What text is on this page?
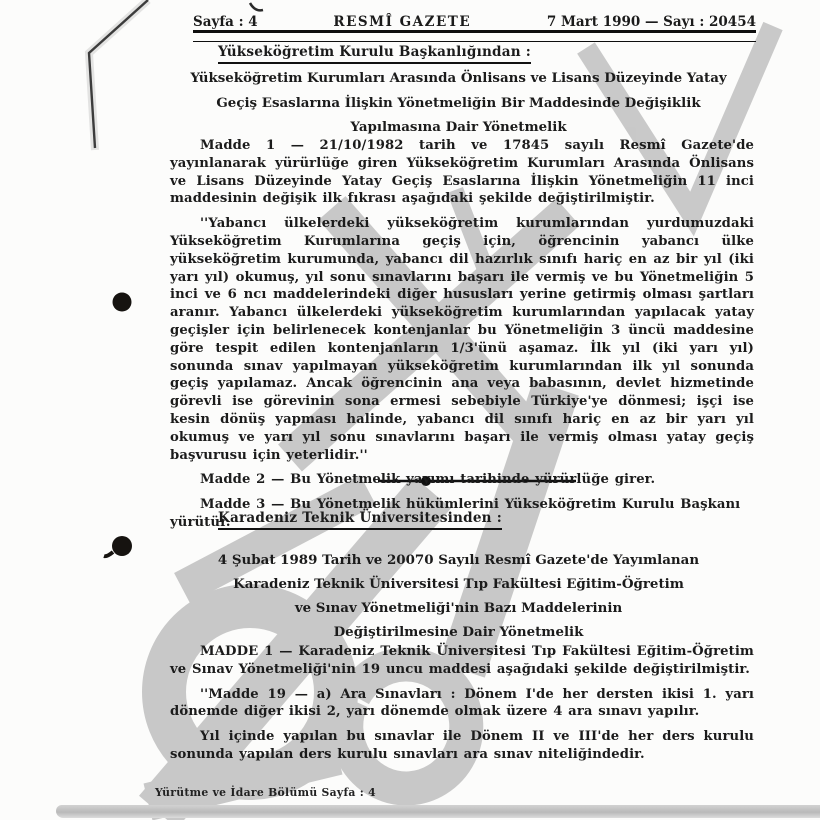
Sayfa : 4	RESMÎ GAZETE	7 Mart 1990 — Sayı : 20454
Yükseköğretim Kurulu Başkanlığından :
Yükseköğretim Kurumları Arasında Önlisans ve Lisans Düzeyinde Yatay
Geçiş Esaslarına İlişkin Yönetmeliğin Bir Maddesinde Değişiklik
Yapılmasına Dair Yönetmelik

Madde 1 — 21/10/1982 tarih ve 17845 sayılı Resmî Gazete'de yayınlanarak yürürlüğe giren Yükseköğretim Kurumları Arasında Önlisans ve Lisans Düzeyinde Yatay Geçiş Esaslarına İlişkin Yönetmeliğin 11 inci maddesinin değişik ilk fıkrası aşağıdaki şekilde değiştirilmiştir.

''Yabancı ülkelerdeki yükseköğretim kurumlarından yurdumuzdaki Yükseköğretim Kurumlarına geçiş için, öğrencinin yabancı ülke yükseköğretim kurumunda, yabancı dil hazırlık sınıfı hariç en az bir yıl (iki yarı yıl) okumuş, yıl sonu sınavlarını başarı ile vermiş ve bu Yönetmeliğin 5 inci ve 6 ncı maddelerindeki diğer hususları yerine getirmiş olması şartları aranır. Yabancı ülkelerdeki yükseköğretim kurumlarından yapılacak yatay geçişler için belirlenecek kontenjanlar bu Yönetmeliğin 3 üncü maddesine göre tespit edilen kontenjanların 1/3'ünü aşamaz. İlk yıl (iki yarı yıl) sonunda sınav yapılmayan yükseköğretim kurumlarından ilk yıl sonunda geçiş yapılamaz. Ancak öğrencinin ana veya babasının, devlet hizmetinde görevli ise görevinin sona ermesi sebebiyle Türkiye'ye dönmesi; işçi ise kesin dönüş yapması halinde, yabancı dil sınıfı hariç en az bir yarı yıl okumuş ve yarı yıl sonu sınavlarını başarı ile vermiş olması yatay geçiş başvurusu için yeterlidir.''

Madde 2 — Bu Yönetmelik yayımı tarihinde yürürlüğe girer.

Madde 3 — Bu Yönetmelik hükümlerini Yükseköğretim Kurulu Başkanı yürütür.

Karadeniz Teknik Üniversitesinden :
4 Şubat 1989 Tarih ve 20070 Sayılı Resmî Gazete'de Yayımlanan
Karadeniz Teknik Üniversitesi Tıp Fakültesi Eğitim-Öğretim
ve Sınav Yönetmeliği'nin Bazı Maddelerinin
Değiştirilmesine Dair Yönetmelik

MADDE 1 — Karadeniz Teknik Üniversitesi Tıp Fakültesi Eğitim-Öğretim ve Sınav Yönetmeliği'nin 19 uncu maddesi aşağıdaki şekilde değiştirilmiştir.

''Madde 19 — a) Ara Sınavları : Dönem I'de her dersten ikisi 1. yarı dönemde diğer ikisi 2, yarı dönemde olmak üzere 4 ara sınavı yapılır.

Yıl içinde yapılan bu sınavlar ile Dönem II ve III'de her ders kurulu sonunda yapılan ders kurulu sınavları ara sınav niteliğindedir.

Yürütme ve İdare Bölümü Sayfa : 4
